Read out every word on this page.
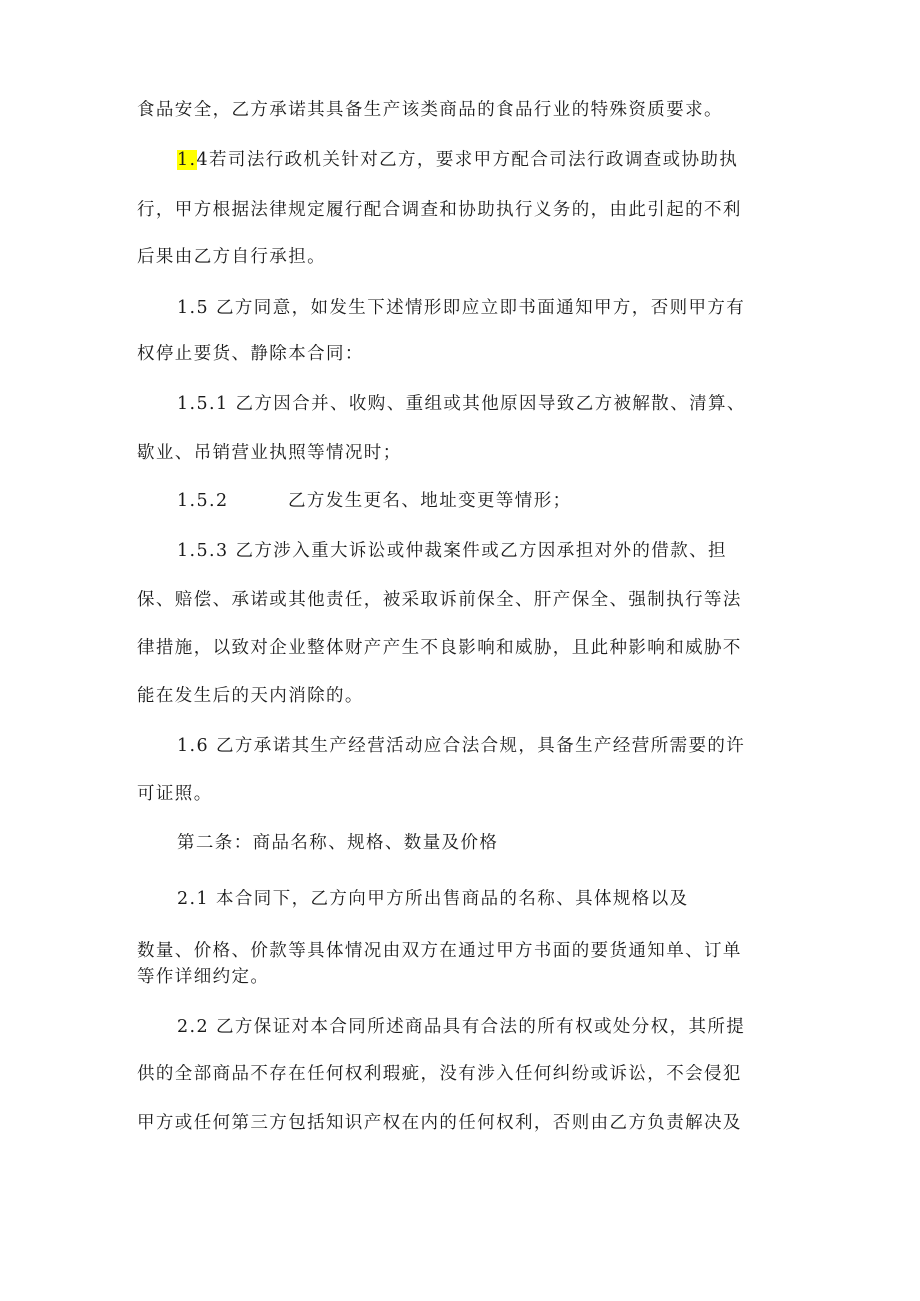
食品安全，乙方承诺其具备生产该类商品的食品行业的特殊资质要求。
1.4若司法行政机关针对乙方，要求甲方配合司法行政调查或协助执
行，甲方根据法律规定履行配合调查和协助执行义务的，由此引起的不利
后果由乙方自行承担。
1.5 乙方同意，如发生下述情形即应立即书面通知甲方，否则甲方有
权停止要货、静除本合同：
1.5.1 乙方因合并、收购、重组或其他原因导致乙方被解散、清算、
歇业、吊销营业执照等情况时；
1.5.2	乙方发生更名、地址变更等情形；
1.5.3 乙方涉入重大诉讼或仲裁案件或乙方因承担对外的借款、担
保、赔偿、承诺或其他责任，被采取诉前保全、肝产保全、强制执行等法
律措施，以致对企业整体财产产生不良影响和威胁，且此种影响和威胁不
能在发生后的天内消除的。
1.6 乙方承诺其生产经营活动应合法合规，具备生产经营所需要的许
可证照。
第二条：商品名称、规格、数量及价格
2.1 本合同下，乙方向甲方所出售商品的名称、具体规格以及
数量、价格、价款等具体情况由双方在通过甲方书面的要货通知单、订单
等作详细约定。
2.2 乙方保证对本合同所述商品具有合法的所有权或处分权，其所提
供的全部商品不存在任何权利瑕疵，没有涉入任何纠纷或诉讼，不会侵犯
甲方或任何第三方包括知识产权在内的任何权利，否则由乙方负责解决及
